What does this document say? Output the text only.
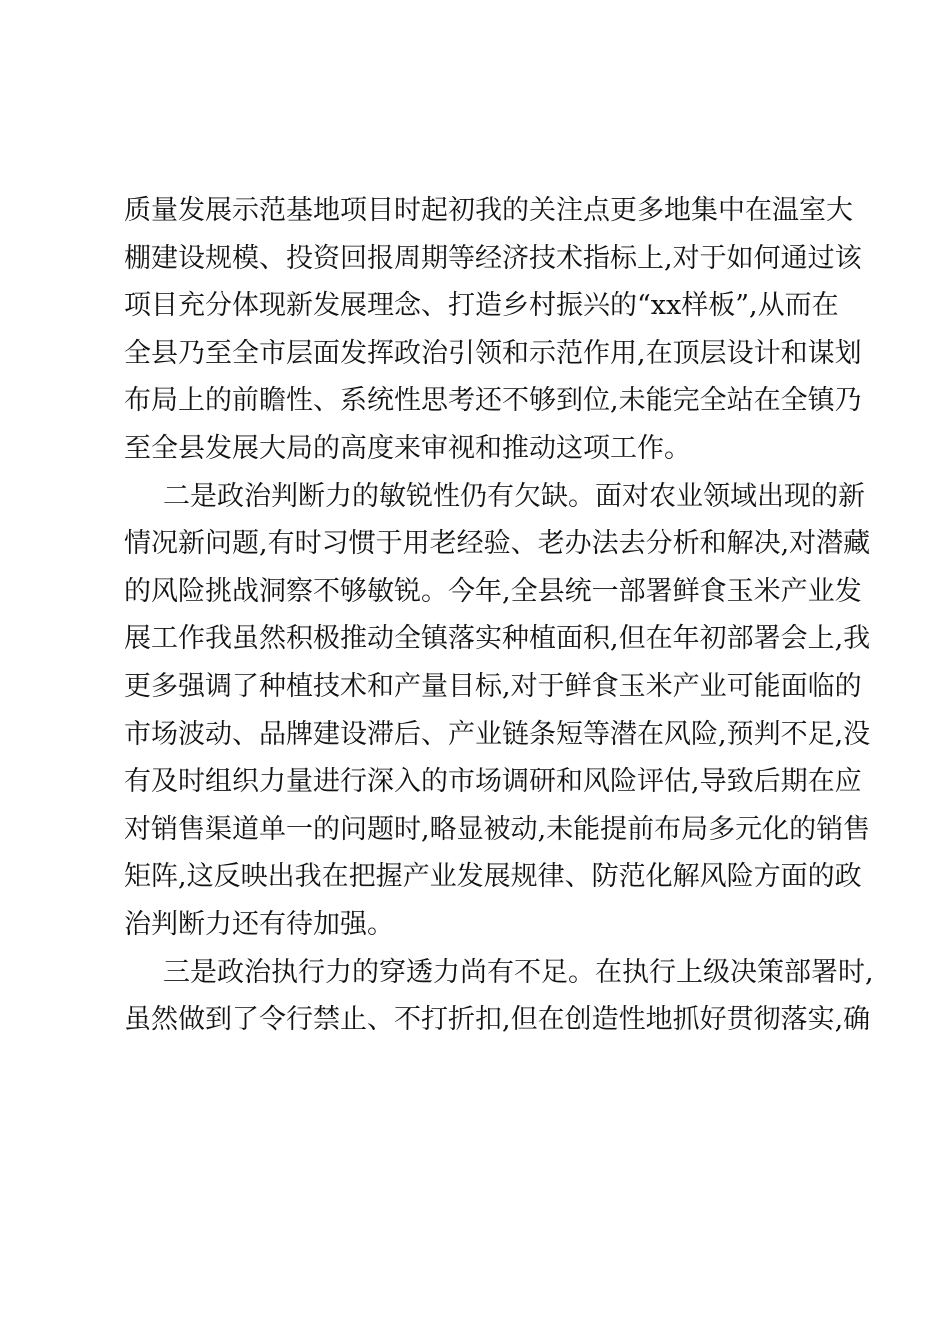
质量发展示范基地项目时起初我的关注点更多地集中在温室大
棚建设规模、投资回报周期等经济技术指标上,对于如何通过该
项目充分体现新发展理念、打造乡村振兴的“xx样板”,从而在
全县乃至全市层面发挥政治引领和示范作用,在顶层设计和谋划
布局上的前瞻性、系统性思考还不够到位,未能完全站在全镇乃
至全县发展大局的高度来审视和推动这项工作。
二是政治判断力的敏锐性仍有欠缺。面对农业领域出现的新
情况新问题,有时习惯于用老经验、老办法去分析和解决,对潜藏
的风险挑战洞察不够敏锐。今年,全县统一部署鲜食玉米产业发
展工作我虽然积极推动全镇落实种植面积,但在年初部署会上,我
更多强调了种植技术和产量目标,对于鲜食玉米产业可能面临的
市场波动、品牌建设滞后、产业链条短等潜在风险,预判不足,没
有及时组织力量进行深入的市场调研和风险评估,导致后期在应
对销售渠道单一的问题时,略显被动,未能提前布局多元化的销售
矩阵,这反映出我在把握产业发展规律、防范化解风险方面的政
治判断力还有待加强。
三是政治执行力的穿透力尚有不足。在执行上级决策部署时,
虽然做到了令行禁止、不打折扣,但在创造性地抓好贯彻落实,确
